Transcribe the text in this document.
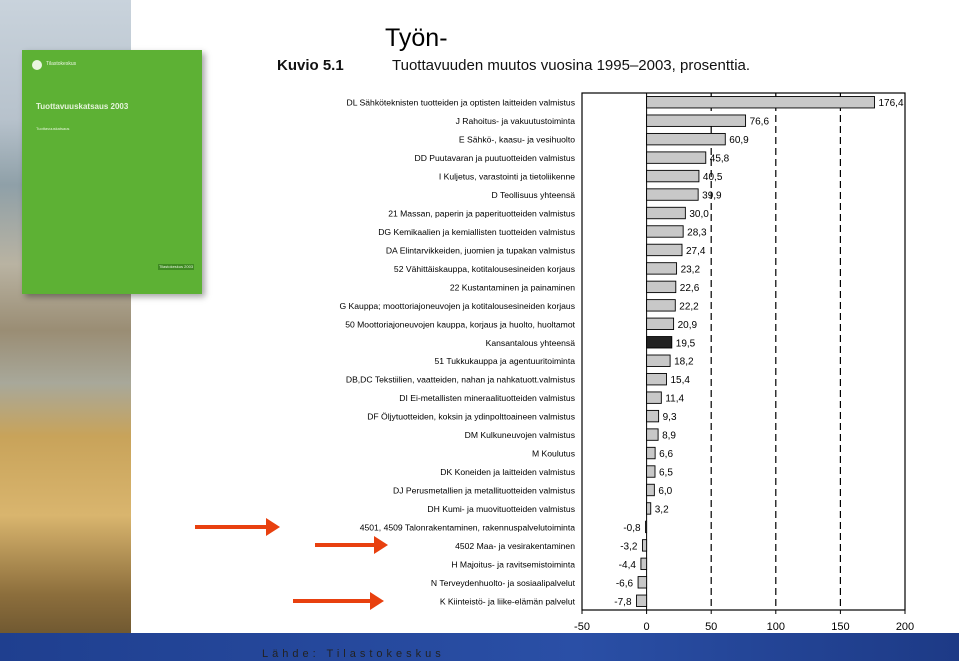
Tilastokeskus
Tuottavuuskatsaus 2003
Tuottavuuskatsaus
Tilastokeskus 2003
Työn-
Kuvio 5.1	Tuottavuuden muutos vuosina 1995–2003, prosenttia.
Lähde: Tilastokeskus
-50	0	50	100	150	200
DL Sähköteknisten tuotteiden ja optisten laitteiden valmistus	176,4
J Rahoitus- ja vakuutustoiminta	76,6
E Sähkö-, kaasu- ja vesihuolto	60,9
DD Puutavaran ja puutuotteiden valmistus	45,8
I Kuljetus, varastointi ja tietoliikenne	40,5
D Teollisuus yhteensä	39,9
21 Massan, paperin ja paperituotteiden valmistus	30,0
DG Kemikaalien ja kemiallisten tuotteiden valmistus	28,3
DA Elintarvikkeiden, juomien ja tupakan valmistus	27,4
52 Vähittäiskauppa, kotitalousesineiden korjaus	23,2
22 Kustantaminen ja painaminen	22,6
G Kauppa; moottoriajoneuvojen ja kotitalousesineiden korjaus	22,2
50 Moottoriajoneuvojen kauppa, korjaus ja huolto, huoltamot	20,9
Kansantalous yhteensä	19,5
51 Tukkukauppa ja agentuuritoiminta	18,2
DB,DC Tekstiilien, vaatteiden, nahan ja nahkatuott.valmistus	15,4
DI Ei-metallisten mineraalituotteiden valmistus	11,4
DF Öljytuotteiden, koksin ja ydinpolttoaineen valmistus	9,3
DM Kulkuneuvojen valmistus	8,9
M Koulutus	6,6
DK Koneiden ja laitteiden valmistus	6,5
DJ Perusmetallien ja metallituotteiden valmistus	6,0
DH Kumi- ja muovituotteiden valmistus	3,2
4501, 4509 Talonrakentaminen, rakennuspalvelutoiminta	-0,8
4502 Maa- ja vesirakentaminen	-3,2
H Majoitus- ja ravitsemistoiminta	-4,4
N Terveydenhuolto- ja sosiaalipalvelut	-6,6
K Kiinteistö- ja liike-elämän palvelut	-7,8
